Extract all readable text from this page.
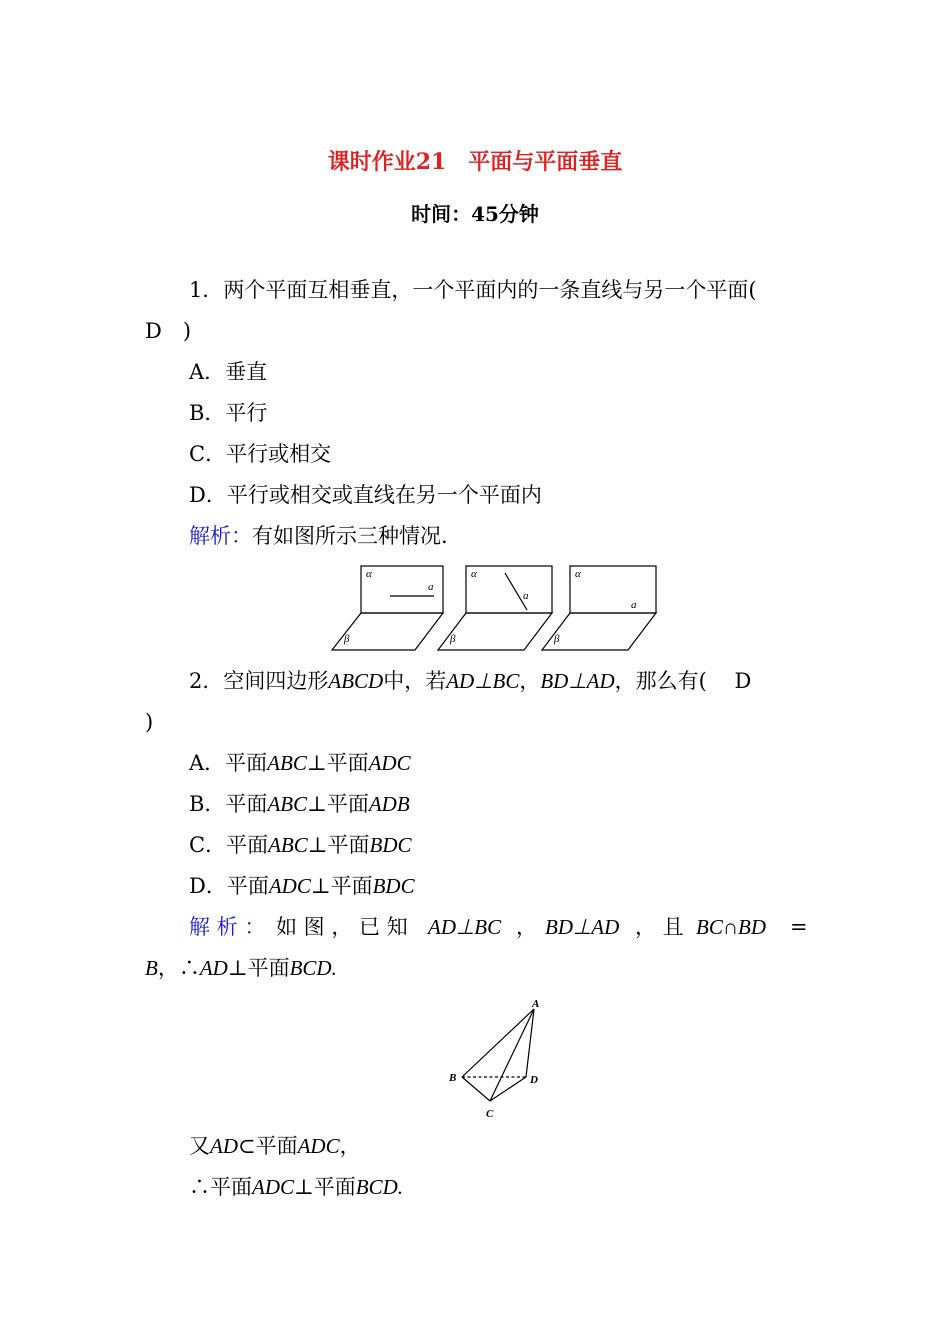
课时作业21　平面与平面垂直
时间：45分钟
1．两个平面互相垂直，一个平面内的一条直线与另一个平面(
D　)
A．垂直
B．平行
C．平行或相交
D．平行或相交或直线在另一个平面内
解析：有如图所示三种情况.
α
a
β
α
a
β
α
a
β
2．空间四边形ABCD中，若AD⊥BC，BD⊥AD，那么有(　 D
)
A．平面ABC⊥平面ADC
B．平面ABC⊥平面ADB
C．平面ABC⊥平面BDC
D．平面ADC⊥平面BDC
解 析 ： 如 图 ， 已 知 AD⊥BC ， BD⊥AD ， 且 BC∩BD =
B，∴AD⊥平面BCD.
A
B	D
C
又AD⊂平面ADC，
∴平面ADC⊥平面BCD.
